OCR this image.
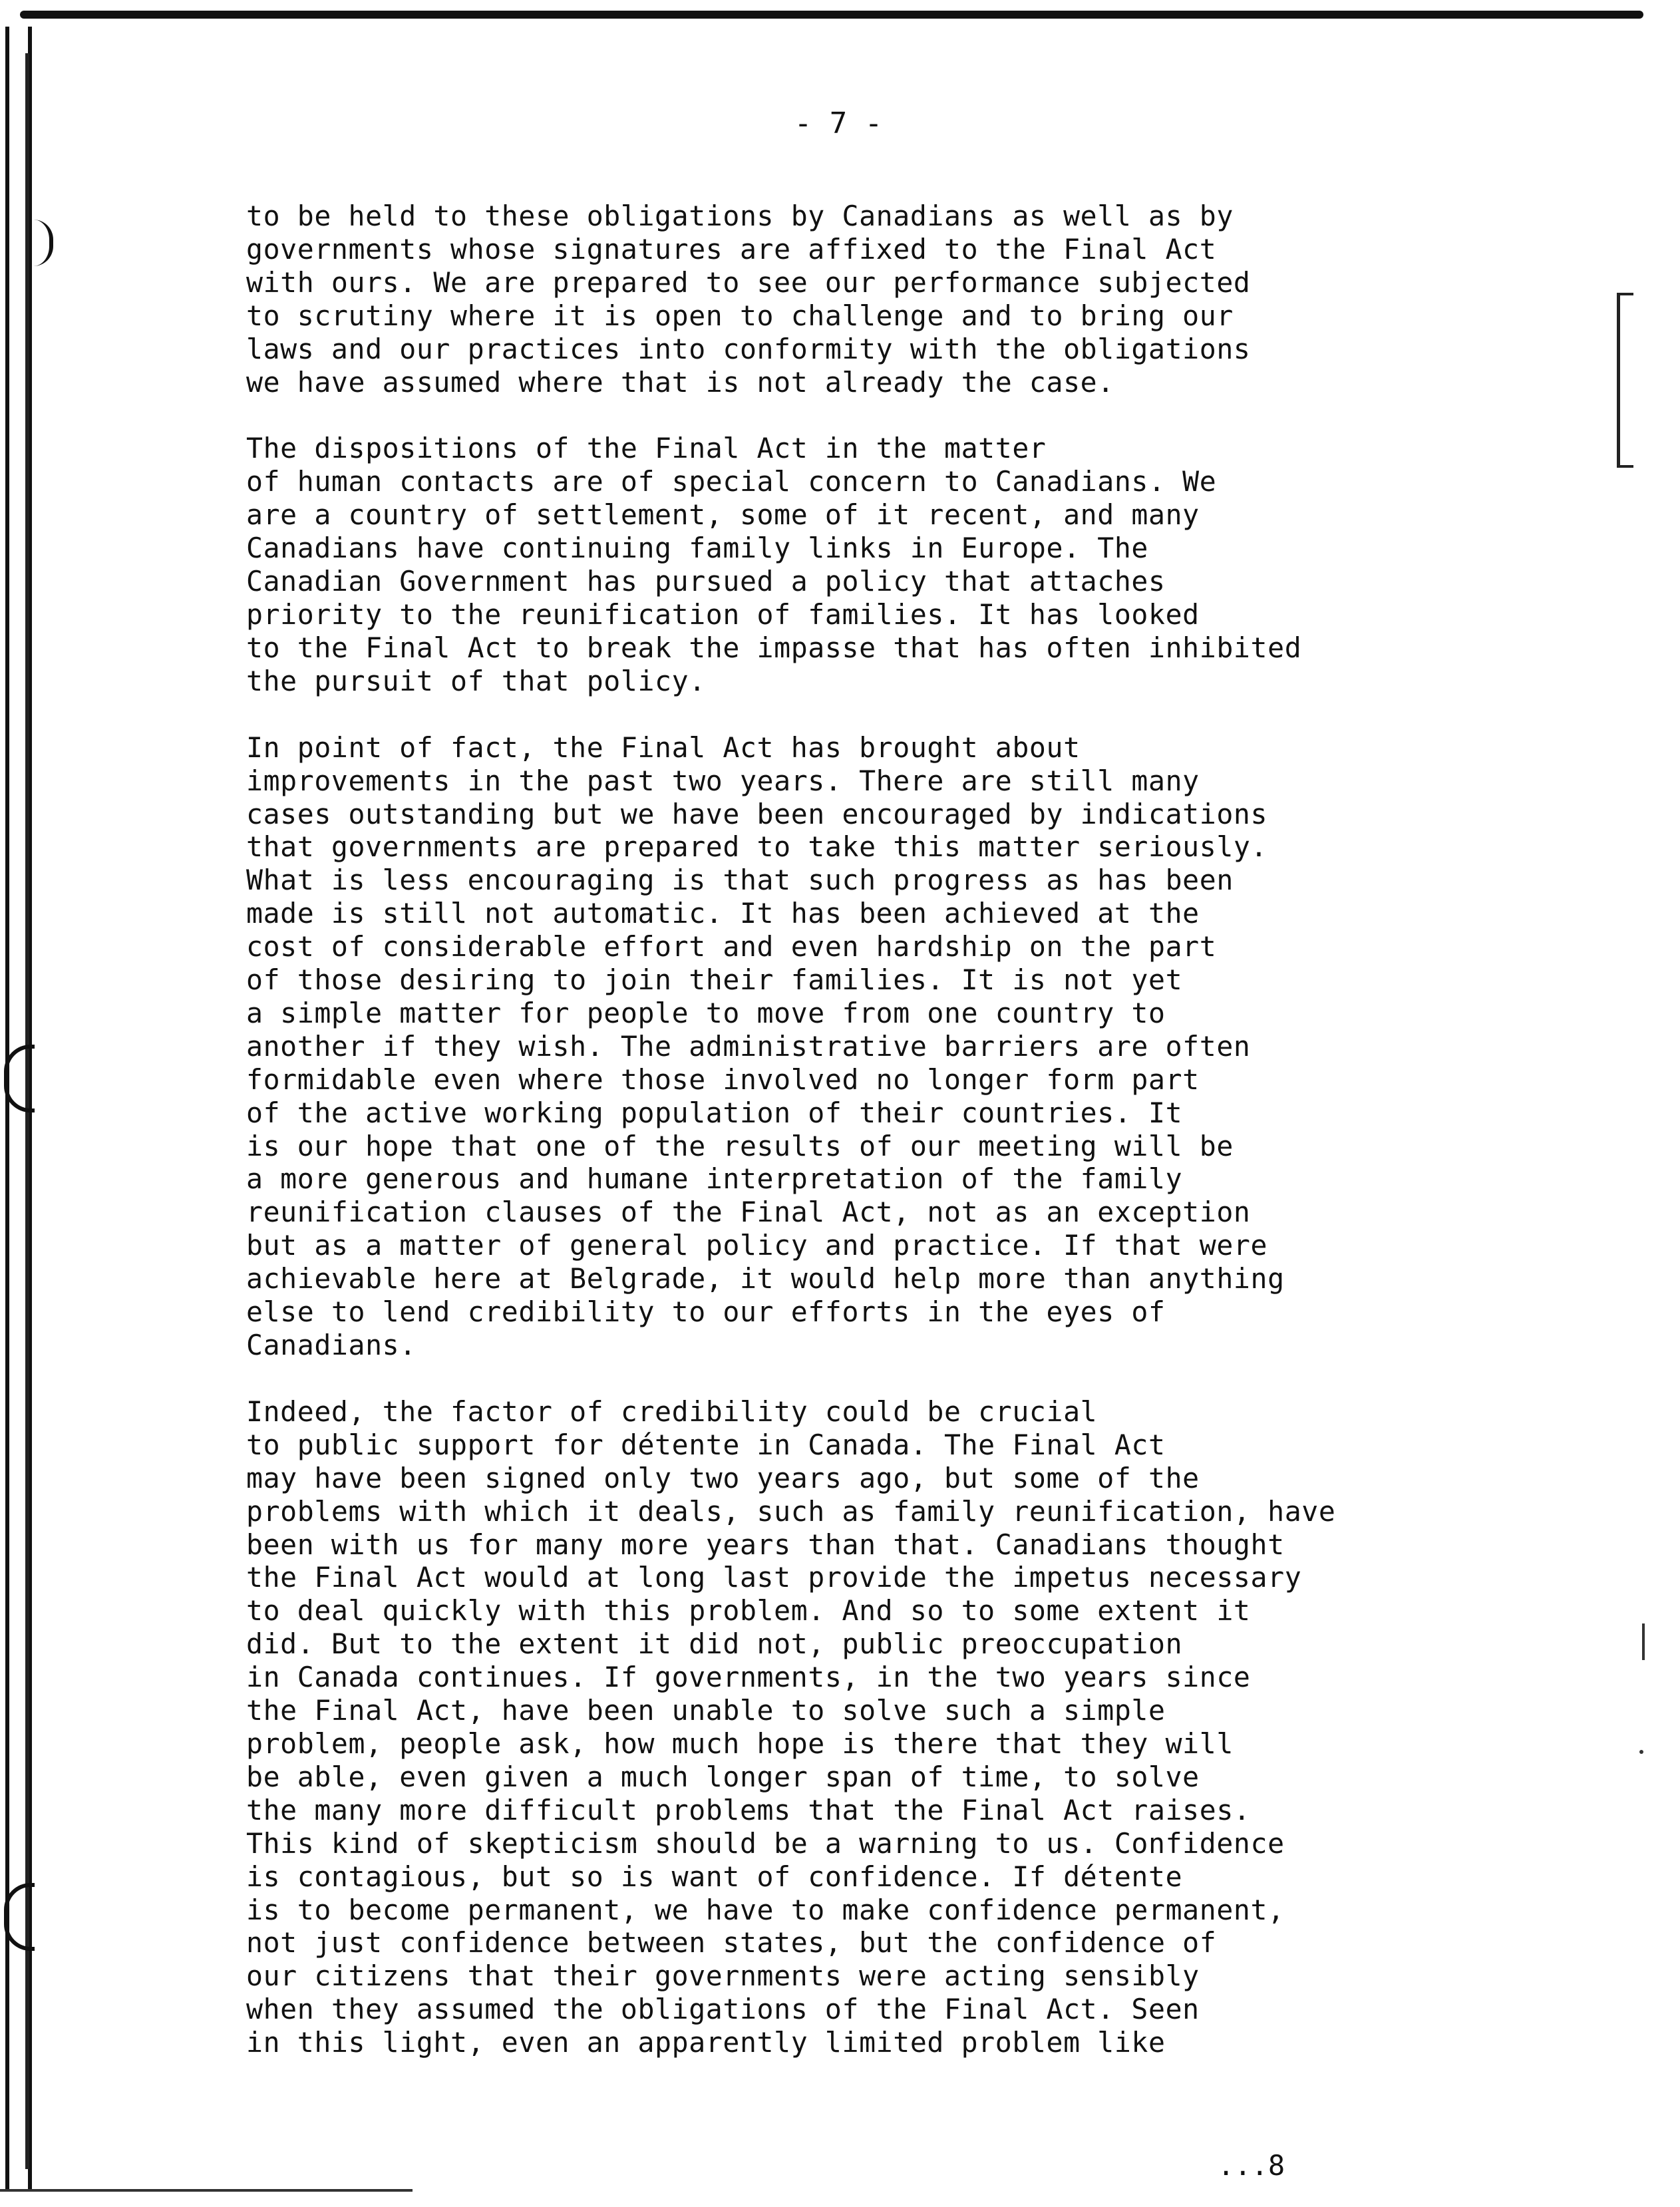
- 7 -

to be held to these obligations by Canadians as well as by
governments whose signatures are affixed to the Final Act
with ours. We are prepared to see our performance subjected
to scrutiny where it is open to challenge and to bring our
laws and our practices into conformity with the obligations
we have assumed where that is not already the case.

The dispositions of the Final Act in the matter
of human contacts are of special concern to Canadians. We
are a country of settlement, some of it recent, and many
Canadians have continuing family links in Europe. The
Canadian Government has pursued a policy that attaches
priority to the reunification of families. It has looked
to the Final Act to break the impasse that has often inhibited
the pursuit of that policy.

In point of fact, the Final Act has brought about
improvements in the past two years. There are still many
cases outstanding but we have been encouraged by indications
that governments are prepared to take this matter seriously.
What is less encouraging is that such progress as has been
made is still not automatic. It has been achieved at the
cost of considerable effort and even hardship on the part
of those desiring to join their families. It is not yet
a simple matter for people to move from one country to
another if they wish. The administrative barriers are often
formidable even where those involved no longer form part
of the active working population of their countries. It
is our hope that one of the results of our meeting will be
a more generous and humane interpretation of the family
reunification clauses of the Final Act, not as an exception
but as a matter of general policy and practice. If that were
achievable here at Belgrade, it would help more than anything
else to lend credibility to our efforts in the eyes of
Canadians.

Indeed, the factor of credibility could be crucial
to public support for détente in Canada. The Final Act
may have been signed only two years ago, but some of the
problems with which it deals, such as family reunification, have
been with us for many more years than that. Canadians thought
the Final Act would at long last provide the impetus necessary
to deal quickly with this problem. And so to some extent it
did. But to the extent it did not, public preoccupation
in Canada continues. If governments, in the two years since
the Final Act, have been unable to solve such a simple
problem, people ask, how much hope is there that they will
be able, even given a much longer span of time, to solve
the many more difficult problems that the Final Act raises.
This kind of skepticism should be a warning to us. Confidence
is contagious, but so is want of confidence. If détente
is to become permanent, we have to make confidence permanent,
not just confidence between states, but the confidence of
our citizens that their governments were acting sensibly
when they assumed the obligations of the Final Act. Seen
in this light, even an apparently limited problem like

...8
